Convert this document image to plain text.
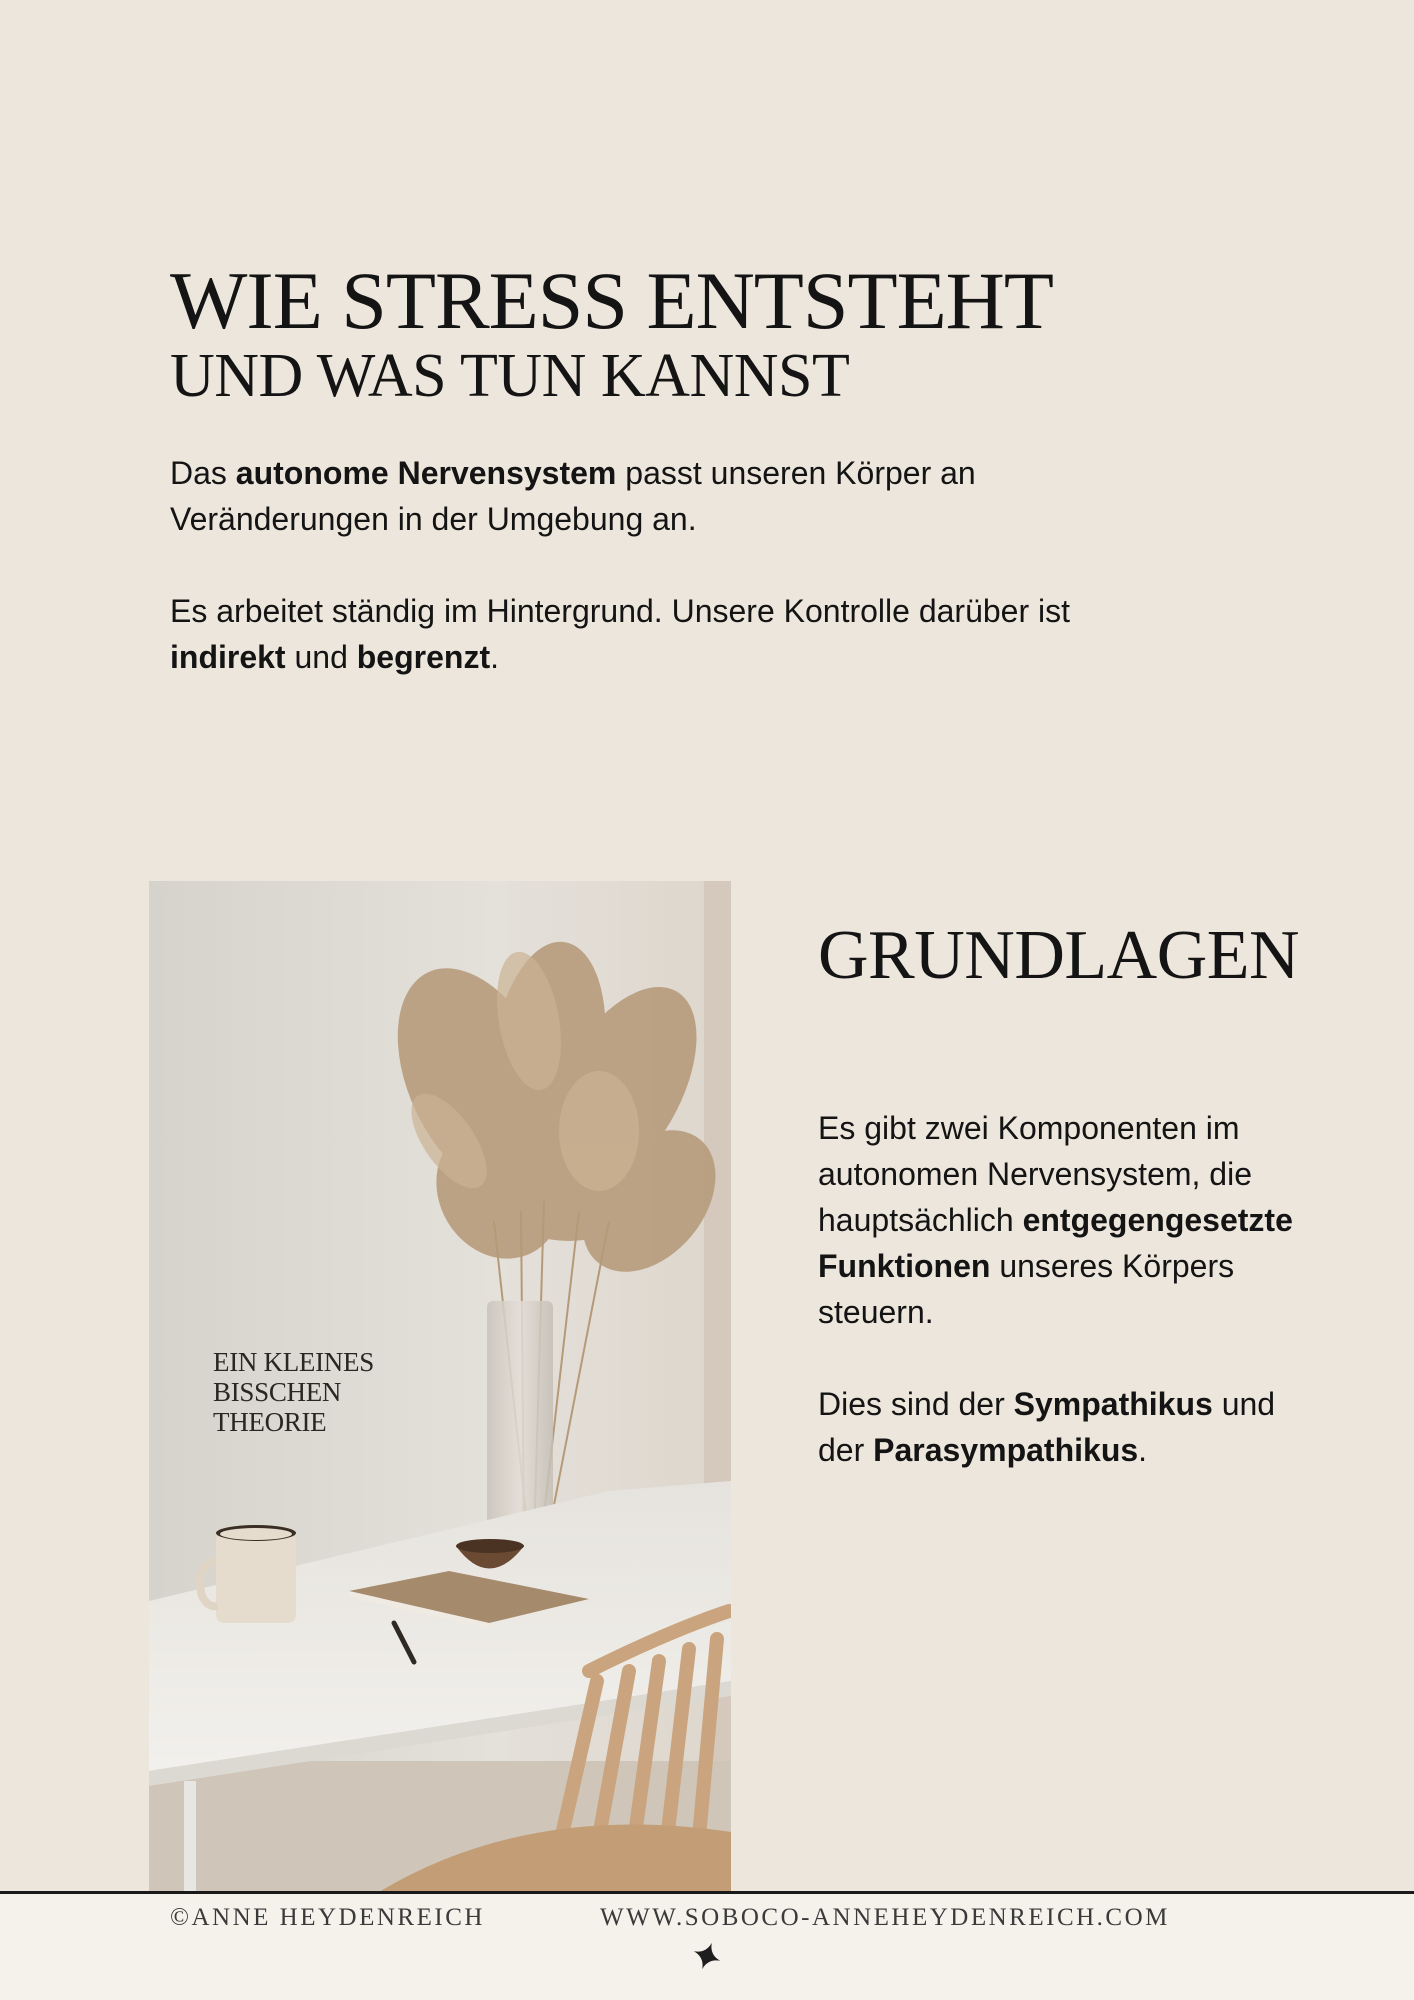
WIE STRESS ENTSTEHT
UND WAS TUN KANNST

Das autonome Nervensystem passt unseren Körper an Veränderungen in der Umgebung an.

Es arbeitet ständig im Hintergrund. Unsere Kontrolle darüber ist indirekt und begrenzt.

EIN KLEINES
BISSCHEN
THEORIE
GRUNDLAGEN

Es gibt zwei Komponenten im autonomen Nervensystem, die hauptsächlich entgegengesetzte Funktionen unseres Körpers steuern.

Dies sind der Sympathikus und der Parasympathikus.

©ANNE HEYDENREICH	WWW.SOBOCO-ANNEHEYDENREICH.COM
